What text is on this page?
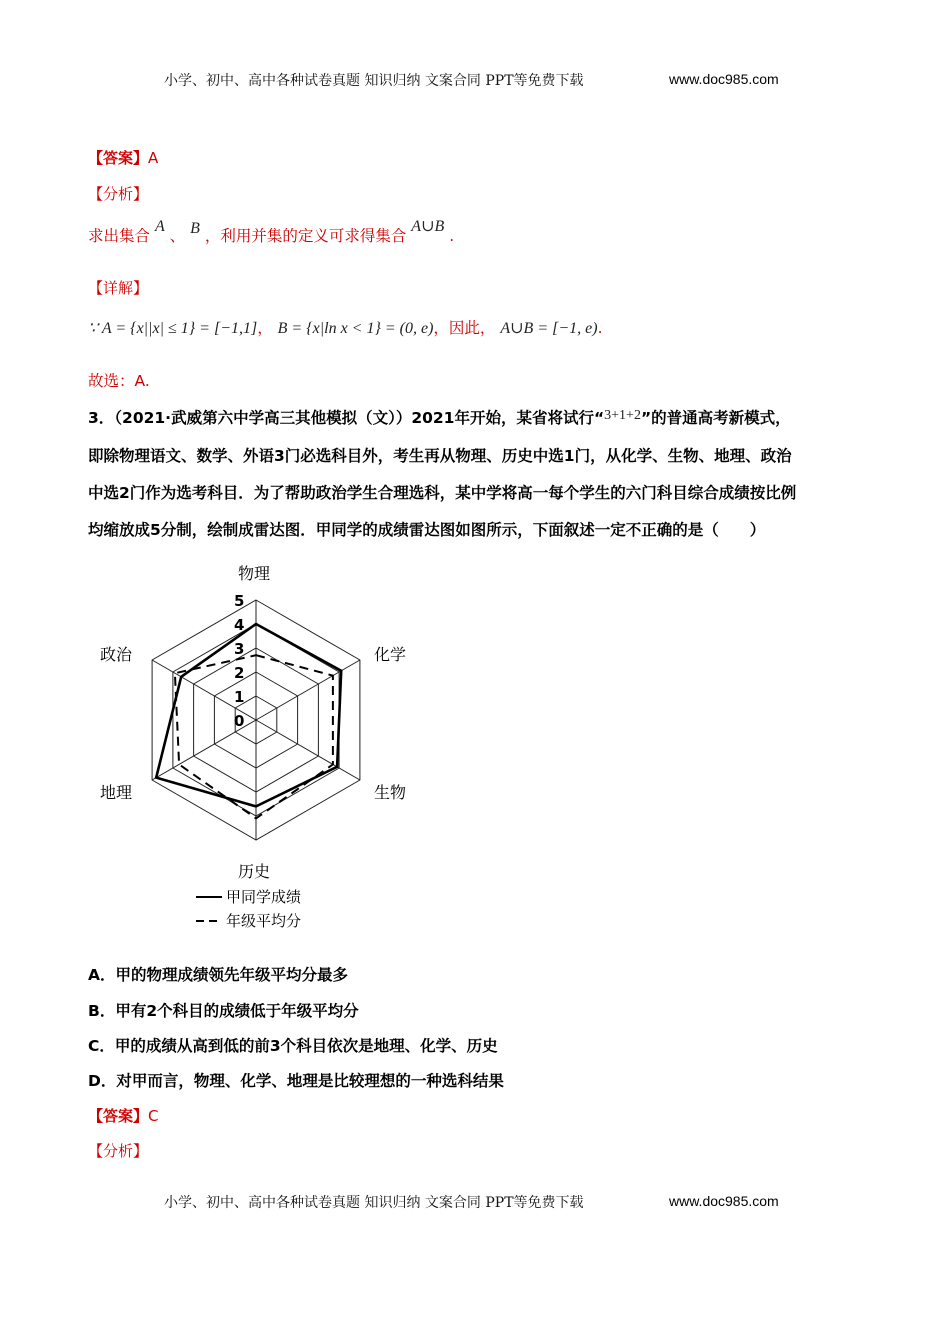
小学、初中、高中各种试卷真题 知识归纳 文案合同 PPT等免费下载	www.doc985.com
【答案】A
【分析】
求出集合 A 、 B ，利用并集的定义可求得集合 A∪B .
【详解】
∵ A = {x||x| ≤ 1} = [−1,1]， B = {x|ln x < 1} = (0, e)，因此， A∪B = [−1, e).
故选：A.
3．（2021·武威第六中学高三其他模拟（文））2021年开始，某省将试行“3+1+2”的普通高考新模式，
即除物理语文、数学、外语3门必选科目外，考生再从物理、历史中选1门，从化学、生物、地理、政治
中选2门作为选考科目．为了帮助政治学生合理选科，某中学将高一每个学生的六门科目综合成绩按比例
均缩放成5分制，绘制成雷达图．甲同学的成绩雷达图如图所示，下面叙述一定不正确的是（　　）
0
1
2
3
4
5
物理
化学
生物
历史
地理
政治
甲同学成绩
年级平均分
A．甲的物理成绩领先年级平均分最多
B．甲有2个科目的成绩低于年级平均分
C．甲的成绩从高到低的前3个科目依次是地理、化学、历史
D．对甲而言，物理、化学、地理是比较理想的一种选科结果
【答案】C
【分析】
小学、初中、高中各种试卷真题 知识归纳 文案合同 PPT等免费下载	www.doc985.com
